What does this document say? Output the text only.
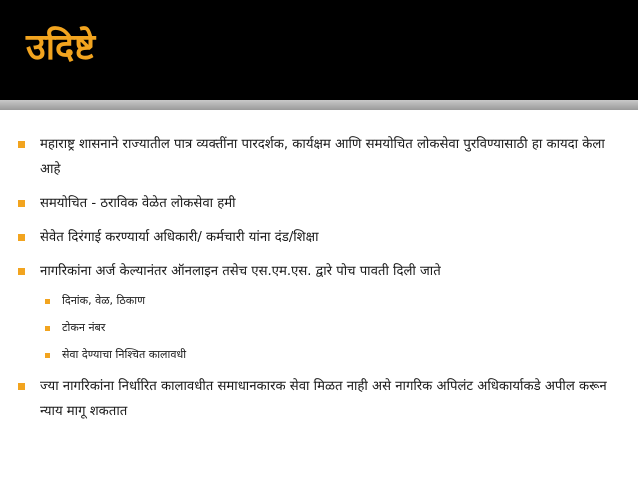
उदिष्टे
महाराष्ट्र शासनाने राज्यातील पात्र व्यक्तींना पारदर्शक, कार्यक्षम आणि समयोचित लोकसेवा पुरविण्यासाठी हा कायदा केला आहे
समयोचित - ठराविक वेळेत लोकसेवा हमी
सेवेत दिरंगाई करण्यार्या अधिकारी/ कर्मचारी यांना दंड/शिक्षा
नागरिकांना अर्ज केल्यानंतर ऑनलाइन तसेच एस.एम.एस. द्वारे पोच पावती दिली जाते
दिनांक, वेळ, ठिकाण
टोकन नंबर
सेवा देण्याचा निश्चित कालावधी
ज्या नागरिकांना निर्धारित कालावधीत समाधानकारक सेवा मिळत नाही असे नागरिक अपिलंट अधिकार्याकडे अपील करून न्याय मागू शकतात
